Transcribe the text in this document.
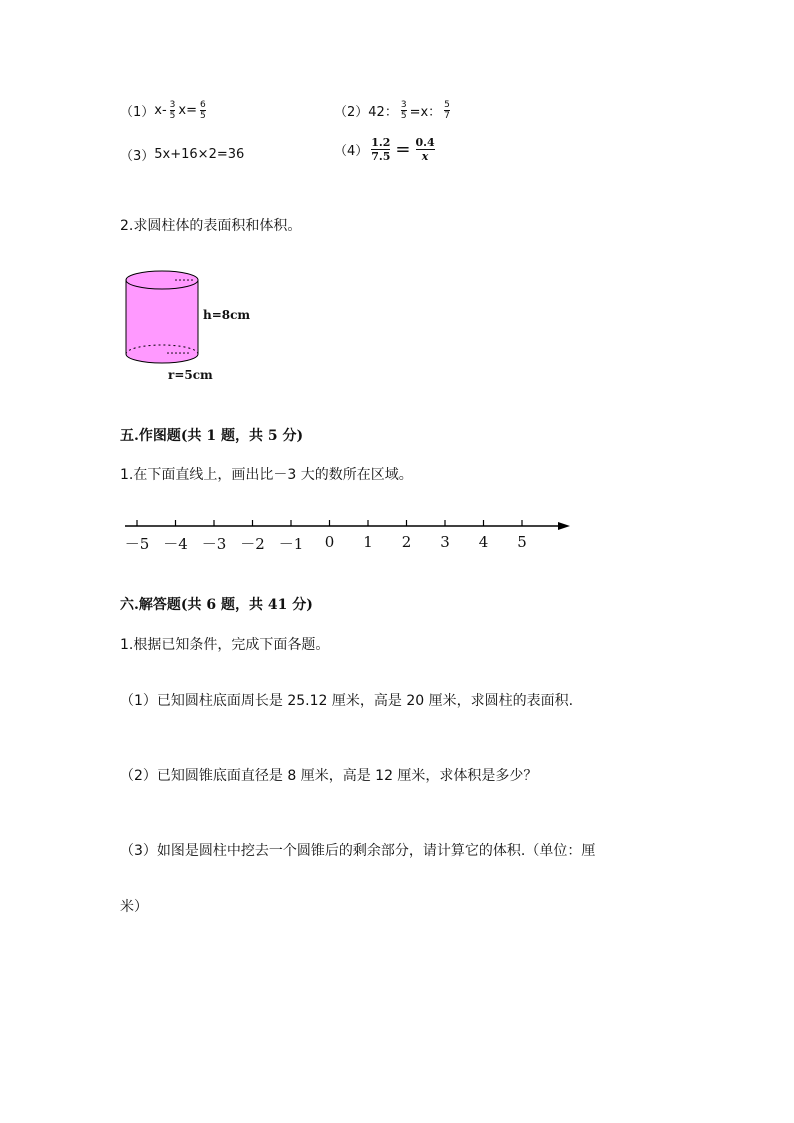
（1） $x- \frac{3}{5} x= \frac{6}{5}$	（2） 42： $\frac{3}{5} =x$： $\frac{5}{7}$
（3） 5x+16×2=36	$(4) \frac{1.2}{7.5} = \frac{0.4}{x}$
2.求圆柱体的表面积和体积。
h=8cm
r=5cm
五.作图题(共 1 题，共 5 分)
1.在下面直线上，画出比－3 大的数所在区域。
－5 －4 －3 －2 －1 0 1 2 3 4 5
六.解答题(共 6 题，共 41 分)
1.根据已知条件，完成下面各题。
（1）已知圆柱底面周长是 25.12 厘米，高是 20 厘米，求圆柱的表面积.
（2）已知圆锥底面直径是 8 厘米，高是 12 厘米，求体积是多少？
（3）如图是圆柱中挖去一个圆锥后的剩余部分，请计算它的体积.（单位：厘
米）
